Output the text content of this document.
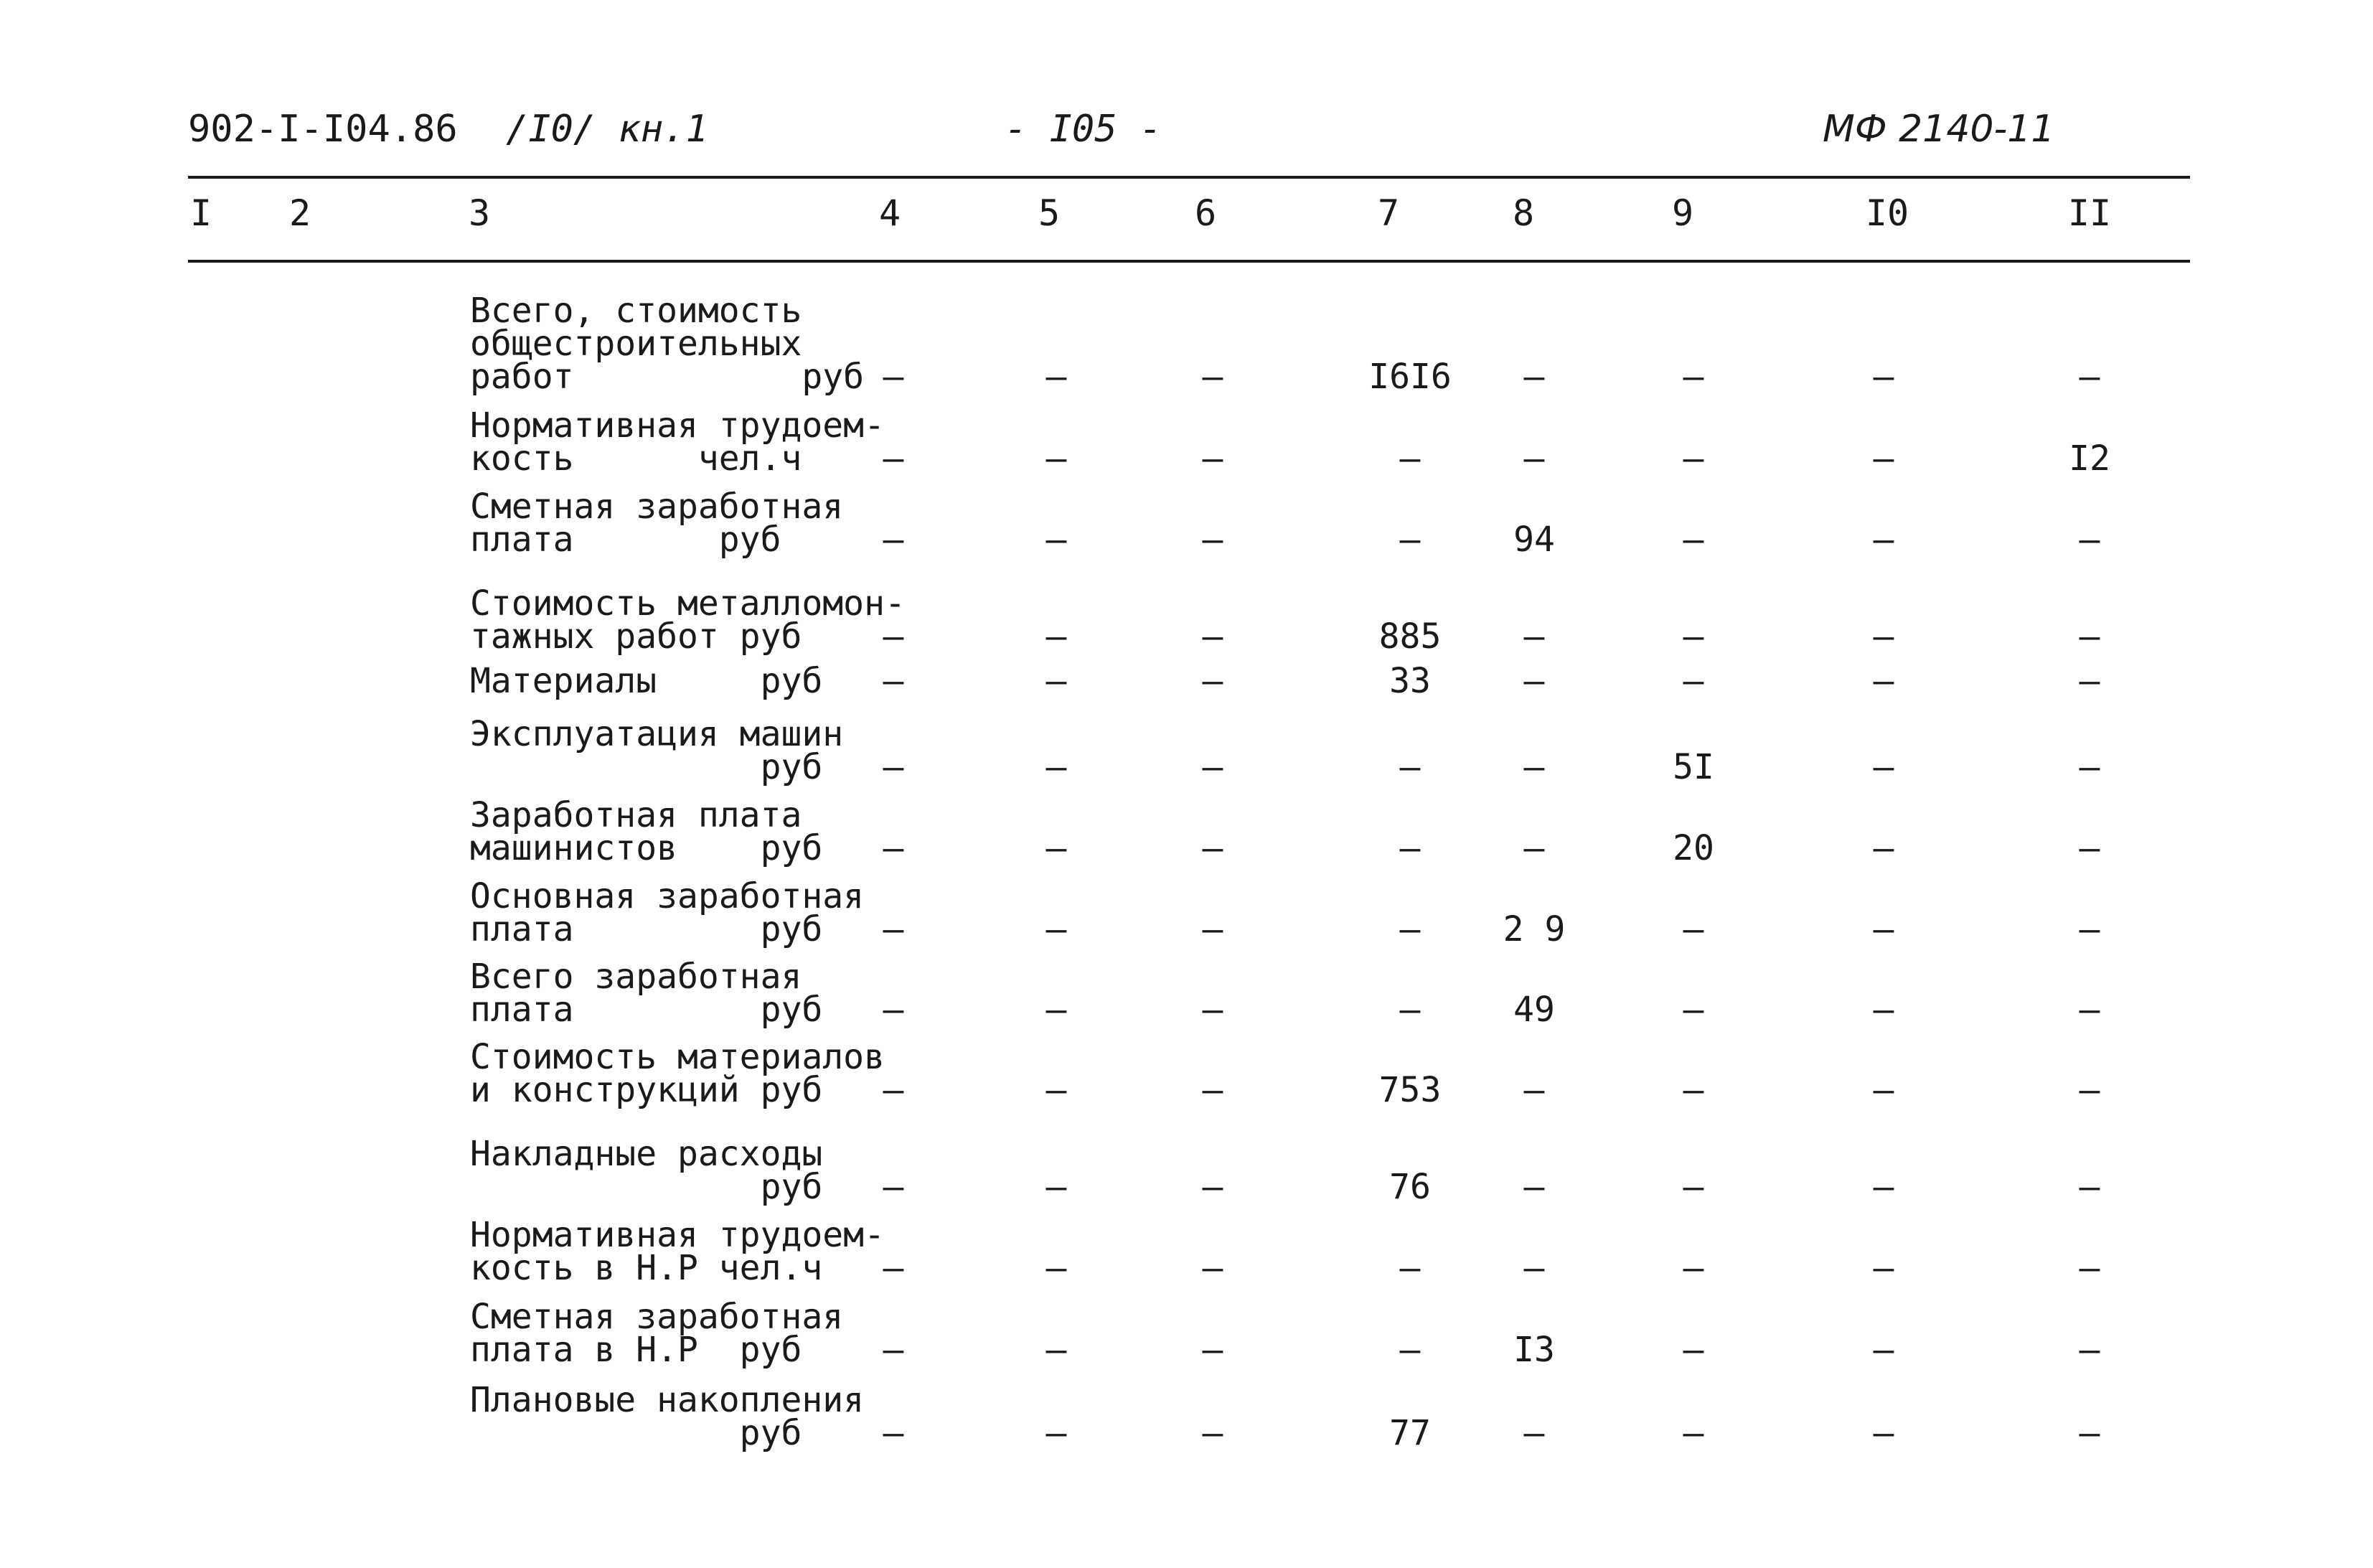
902-I-I04.86 /I0/ кн.1	- I05 -	МФ 2140-11
I 2	3	4	5	6	7	8	9	I0	II
Всего, стоимость
общестроительных
работ           руб –	–	–	I6I6 –	–	–	–
Нормативная трудоем-
кость      чел.ч	–	–	–	–	–	–	–	I2
Сметная заработная
плата       руб	–	–	–	–	94	–	–	–
Стоимость металломон-
тажных работ руб	–	–	–	885 –	–	–	–
Материалы     руб –	–	–	33	–	–	–	–
Эксплуатация машин
руб	–	–	–	–	–	5I	–	–
Заработная плата
машинистов    руб –	–	–	–	–	20	–	–
Основная заработная
плата         руб	–	–	–	– 2 9	–	–	–
Всего заработная
плата         руб –	–	–	–	49	–	–	–
Стоимость материалов
и конструкций руб	–	–	–	753 –	–	–	–
Накладные расходы
руб –	–	–	76	–	–	–	–
Нормативная трудоем-
кость в Н.Р чел.ч	–	–	–	–	–	–	–	–
Сметная заработная
плата в Н.Р  руб	–	–	–	–	I3	–	–	–
Плановые накопления
руб	–	–	–	77	–	–	–	–
